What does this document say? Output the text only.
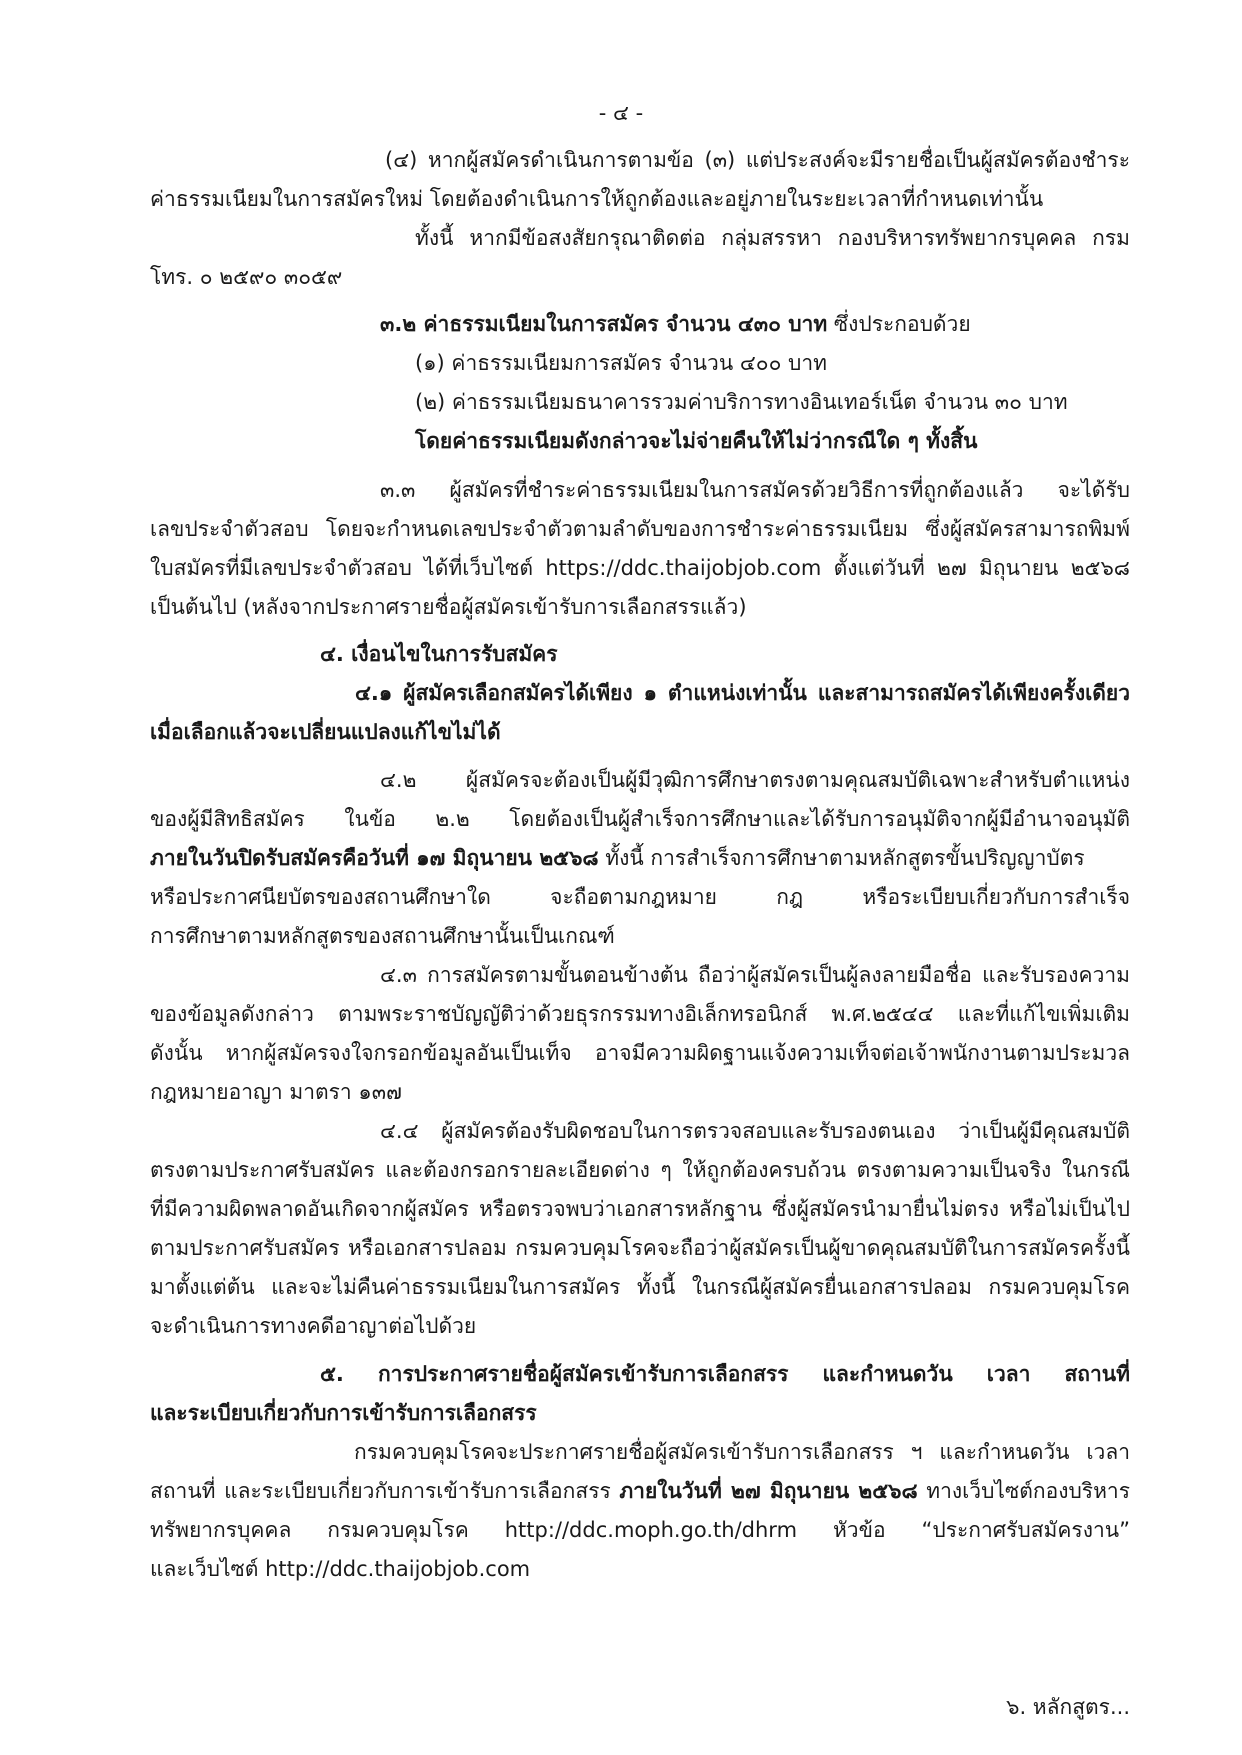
- ๔ -
(๔) หากผู้สมัครดำเนินการตามข้อ (๓) แต่ประสงค์จะมีรายชื่อเป็นผู้สมัครต้องชำระ
ค่าธรรมเนียมในการสมัครใหม่ โดยต้องดำเนินการให้ถูกต้องและอยู่ภายในระยะเวลาที่กำหนดเท่านั้น
ทั้งนี้ หากมีข้อสงสัยกรุณาติดต่อ กลุ่มสรรหา กองบริหารทรัพยากรบุคคล กรม
โทร. ๐ ๒๕๙๐ ๓๐๕๙
๓.๒ ค่าธรรมเนียมในการสมัคร จำนวน ๔๓๐ บาท ซึ่งประกอบด้วย
(๑) ค่าธรรมเนียมการสมัคร จำนวน ๔๐๐ บาท
(๒) ค่าธรรมเนียมธนาคารรวมค่าบริการทางอินเทอร์เน็ต จำนวน ๓๐ บาท
โดยค่าธรรมเนียมดังกล่าวจะไม่จ่ายคืนให้ไม่ว่ากรณีใด ๆ ทั้งสิ้น
๓.๓ ผู้สมัครที่ชำระค่าธรรมเนียมในการสมัครด้วยวิธีการที่ถูกต้องแล้ว จะได้รับ
เลขประจำตัวสอบ โดยจะกำหนดเลขประจำตัวตามลำดับของการชำระค่าธรรมเนียม ซึ่งผู้สมัครสามารถพิมพ์
ใบสมัครที่มีเลขประจำตัวสอบ ได้ที่เว็บไซต์ https://ddc.thaijobjob.com ตั้งแต่วันที่ ๒๗ มิถุนายน ๒๕๖๘
เป็นต้นไป (หลังจากประกาศรายชื่อผู้สมัครเข้ารับการเลือกสรรแล้ว)
๔. เงื่อนไขในการรับสมัคร
๔.๑ ผู้สมัครเลือกสมัครได้เพียง ๑ ตำแหน่งเท่านั้น และสามารถสมัครได้เพียงครั้งเดียว
เมื่อเลือกแล้วจะเปลี่ยนแปลงแก้ไขไม่ได้
๔.๒ ผู้สมัครจะต้องเป็นผู้มีวุฒิการศึกษาตรงตามคุณสมบัติเฉพาะสำหรับตำแหน่ง
ของผู้มีสิทธิสมัคร ในข้อ ๒.๒ โดยต้องเป็นผู้สำเร็จการศึกษาและได้รับการอนุมัติจากผู้มีอำนาจอนุมัติ
ภายในวันปิดรับสมัครคือวันที่ ๑๗ มิถุนายน ๒๕๖๘ ทั้งนี้ การสำเร็จการศึกษาตามหลักสูตรขั้นปริญญาบัตร
หรือประกาศนียบัตรของสถานศึกษาใด จะถือตามกฎหมาย กฎ หรือระเบียบเกี่ยวกับการสำเร็จ
การศึกษาตามหลักสูตรของสถานศึกษานั้นเป็นเกณฑ์
๔.๓ การสมัครตามขั้นตอนข้างต้น ถือว่าผู้สมัครเป็นผู้ลงลายมือชื่อ และรับรองความ
ของข้อมูลดังกล่าว ตามพระราชบัญญัติว่าด้วยธุรกรรมทางอิเล็กทรอนิกส์ พ.ศ.๒๕๔๔ และที่แก้ไขเพิ่มเติม
ดังนั้น หากผู้สมัครจงใจกรอกข้อมูลอันเป็นเท็จ อาจมีความผิดฐานแจ้งความเท็จต่อเจ้าพนักงานตามประมวล
กฎหมายอาญา มาตรา ๑๓๗
๔.๔ ผู้สมัครต้องรับผิดชอบในการตรวจสอบและรับรองตนเอง ว่าเป็นผู้มีคุณสมบัติ
ตรงตามประกาศรับสมัคร และต้องกรอกรายละเอียดต่าง ๆ ให้ถูกต้องครบถ้วน ตรงตามความเป็นจริง ในกรณี
ที่มีความผิดพลาดอันเกิดจากผู้สมัคร หรือตรวจพบว่าเอกสารหลักฐาน ซึ่งผู้สมัครนำมายื่นไม่ตรง หรือไม่เป็นไป
ตามประกาศรับสมัคร หรือเอกสารปลอม กรมควบคุมโรคจะถือว่าผู้สมัครเป็นผู้ขาดคุณสมบัติในการสมัครครั้งนี้
มาตั้งแต่ต้น และจะไม่คืนค่าธรรมเนียมในการสมัคร ทั้งนี้ ในกรณีผู้สมัครยื่นเอกสารปลอม กรมควบคุมโรค
จะดำเนินการทางคดีอาญาต่อไปด้วย
๕. การประกาศรายชื่อผู้สมัครเข้ารับการเลือกสรร และกำหนดวัน เวลา สถานที่
และระเบียบเกี่ยวกับการเข้ารับการเลือกสรร
กรมควบคุมโรคจะประกาศรายชื่อผู้สมัครเข้ารับการเลือกสรร ฯ และกำหนดวัน เวลา
สถานที่ และระเบียบเกี่ยวกับการเข้ารับการเลือกสรร ภายในวันที่ ๒๗ มิถุนายน ๒๕๖๘ ทางเว็บไซต์กองบริหาร
ทรัพยากรบุคคล กรมควบคุมโรค http://ddc.moph.go.th/dhrm หัวข้อ “ประกาศรับสมัครงาน”
และเว็บไซต์ http://ddc.thaijobjob.com
๖. หลักสูตร...
